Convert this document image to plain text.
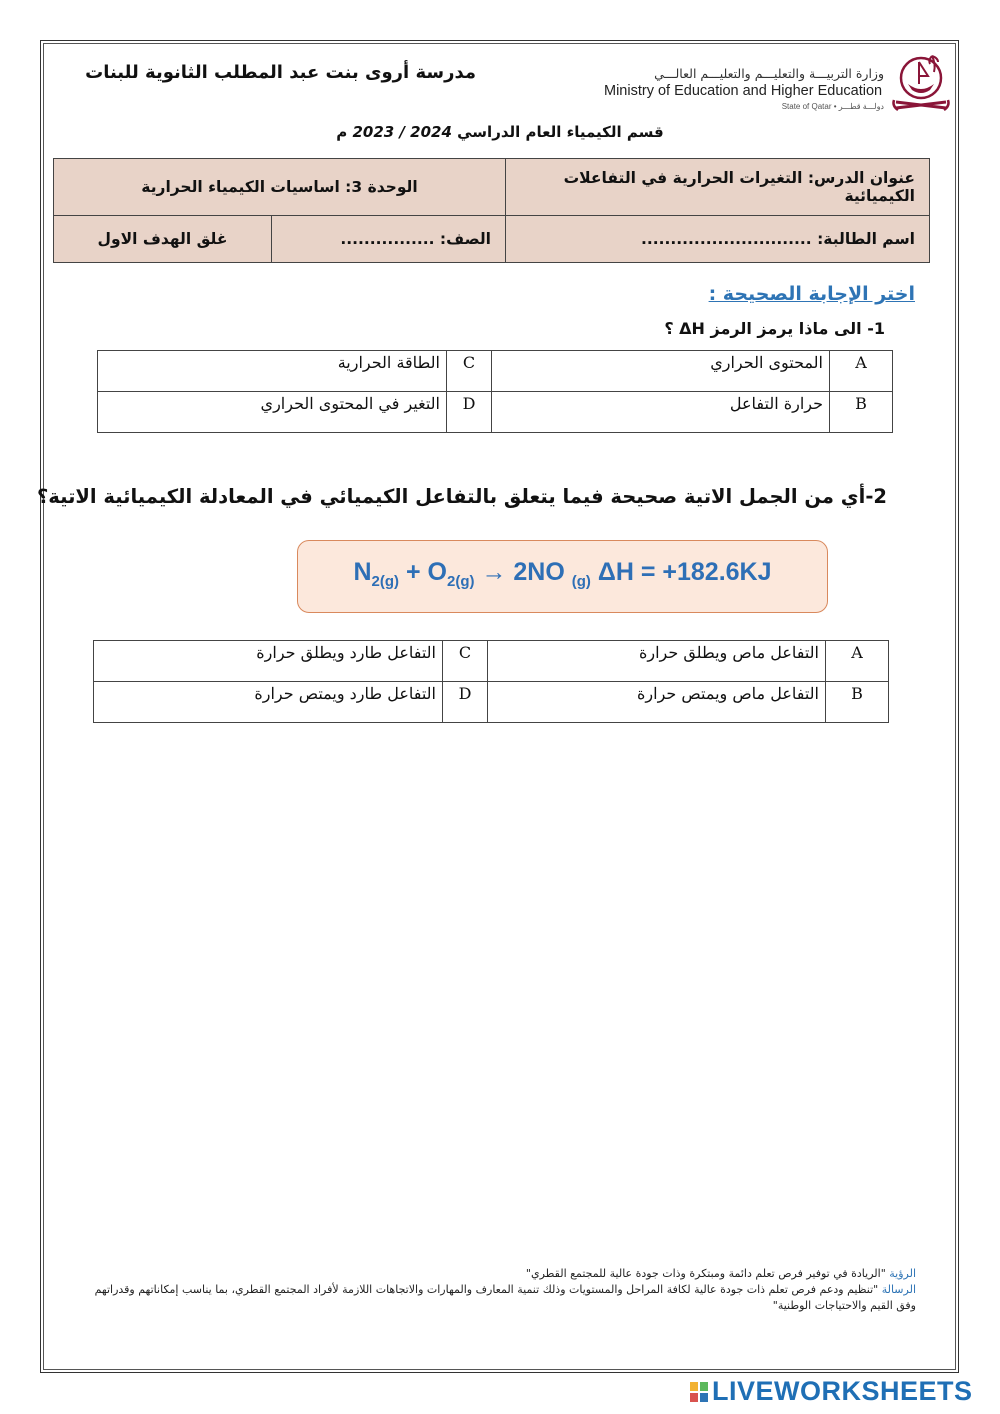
مدرسة أروى بنت عبد المطلب الثانوية للبنات	وزارة التربيـــة والتعليـــم والتعليـــم العالـــي
Ministry of Education and Higher Education
State of Qatar • دولـــة قطـــر
قسم الكيمياء العام الدراسي 2023 / 2024 م
عنوان الدرس: التغيرات الحرارية في التفاعلات الكيميائية	الوحدة 3: اساسيات الكيمياء الحرارية	
اسم الطالبة: .............................	الصف: ................	غلق الهدف الاول
اختر الإجابة الصحيحة :
1- الى ماذا يرمز الرمز ΔH ؟
A	المحتوى الحراري	C	الطاقة الحرارية
B	حرارة التفاعل	D	التغير في المحتوى الحراري
2-أي من الجمل الاتية صحيحة فيما يتعلق بالتفاعل الكيميائي في المعادلة الكيميائية الاتية؟
$N_{2(g)} + O_{2(g)} \to 2NO$ $_{(g)}$ ΔH = +182.6KJ
A	التفاعل ماص ويطلق حرارة	C	التفاعل طارد ويطلق حرارة
B	التفاعل ماص ويمتص حرارة	D	التفاعل طارد ويمتص حرارة
الرؤية "الريادة في توفير فرص تعلم دائمة ومبتكرة وذات جودة عالية للمجتمع القطري"
الرسالة "تنظيم ودعم فرص تعلم ذات جودة عالية لكافة المراحل والمستويات وذلك تنمية المعارف والمهارات والاتجاهات اللازمة لأفراد المجتمع القطري، بما يناسب إمكاناتهم وقدراتهم وفق القيم والاحتياجات الوطنية"
LIVEWORKSHEETS
